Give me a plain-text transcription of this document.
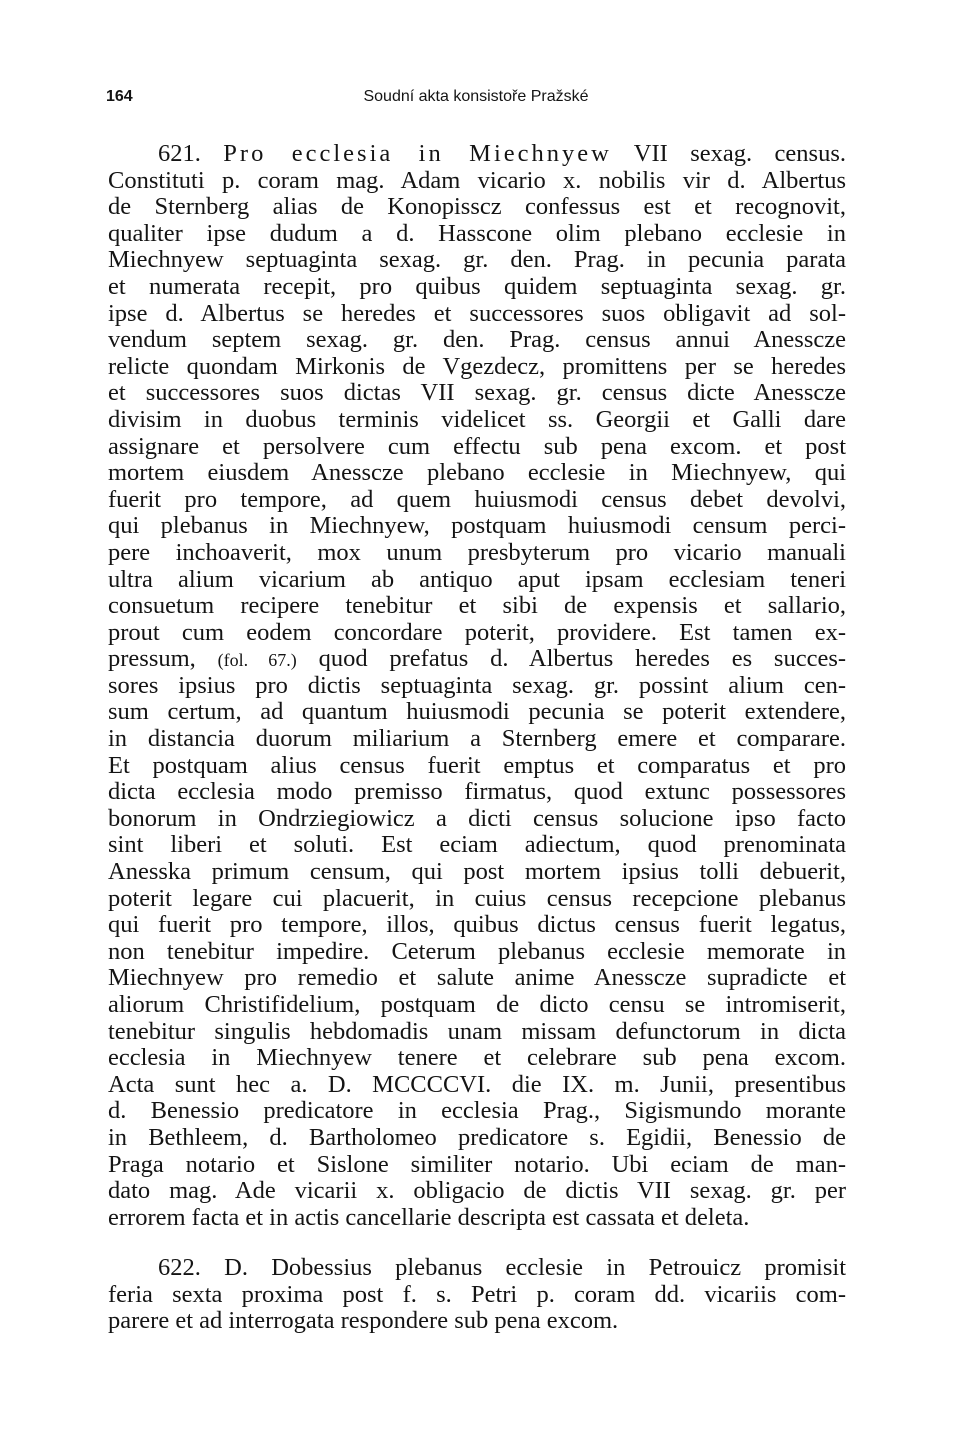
164	Soudní akta konsistoře Pražské
621. Pro ecclesia in Miechnyew VII sexag. census.
Constituti p. coram mag. Adam vicario x. nobilis vir d. Albertus
de Sternberg alias de Konopisscz confessus est et recognovit,
qualiter ipse dudum a d. Hasscone olim plebano ecclesie in
Miechnyew septuaginta sexag. gr. den. Prag. in pecunia parata
et numerata recepit, pro quibus quidem septuaginta sexag. gr.
ipse d. Albertus se heredes et successores suos obligavit ad sol-
vendum septem sexag. gr. den. Prag. census annui Anessсze
relicte quondam Mirkonis de Vgezdecz, promittens per se heredes
et successores suos dictas VII sexag. gr. census dicte Anessсze
divisim in duobus terminis videlicet ss. Georgii et Galli dare
assignare et persolvere cum effectu sub pena excom. et post
mortem eiusdem Anessсze plebano ecclesie in Miechnyew, qui
fuerit pro tempore, ad quem huiusmodi census debet devolvi,
qui plebanus in Miechnyew, postquam huiusmodi censum perci-
pere inchoaverit, mox unum presbyterum pro vicario manuali
ultra alium vicarium ab antiquo aput ipsam ecclesiam teneri
consuetum recipere tenebitur et sibi de expensis et sallario,
prout cum eodem concordare poterit, providere. Est tamen ex-
pressum, (fol. 67.) quod prefatus d. Albertus heredes es succes-
sores ipsius pro dictis septuaginta sexag. gr. possint alium cen-
sum certum, ad quantum huiusmodi pecunia se poterit extendere,
in distancia duorum miliarium a Sternberg emere et comparare.
Et postquam alius census fuerit emptus et comparatus et pro
dicta ecclesia modo premisso firmatus, quod extunc possessores
bonorum in Ondrziegiowicz a dicti census solucione ipso facto
sint liberi et soluti. Est eciam adiectum, quod prenominata
Anesska primum censum, qui post mortem ipsius tolli debuerit,
poterit legare cui placuerit, in cuius census recepcione plebanus
qui fuerit pro tempore, illos, quibus dictus census fuerit legatus,
non tenebitur impedire. Ceterum plebanus ecclesie memorate in
Miechnyew pro remedio et salute anime Anessсze supradicte et
aliorum Christifidelium, postquam de dicto censu se intromiserit,
tenebitur singulis hebdomadis unam missam defunctorum in dicta
ecclesia in Miechnyew tenere et celebrare sub pena excom.
Acta sunt hec a. D. MCCCCVI. die IX. m. Junii, presentibus
d. Benessio predicatore in ecclesia Prag., Sigismundo morante
in Bethleem, d. Bartholomeo predicatore s. Egidii, Benessio de
Praga notario et Sislone similiter notario. Ubi eciam de man-
dato mag. Ade vicarii x. obligacio de dictis VII sexag. gr. per
errorem facta et in actis cancellarie descripta est cassata et deleta.
622. D. Dobessius plebanus ecclesie in Petrouicz promisit
feria sexta proxima post f. s. Petri p. coram dd. vicariis com-
parere et ad interrogata respondere sub pena excom.
